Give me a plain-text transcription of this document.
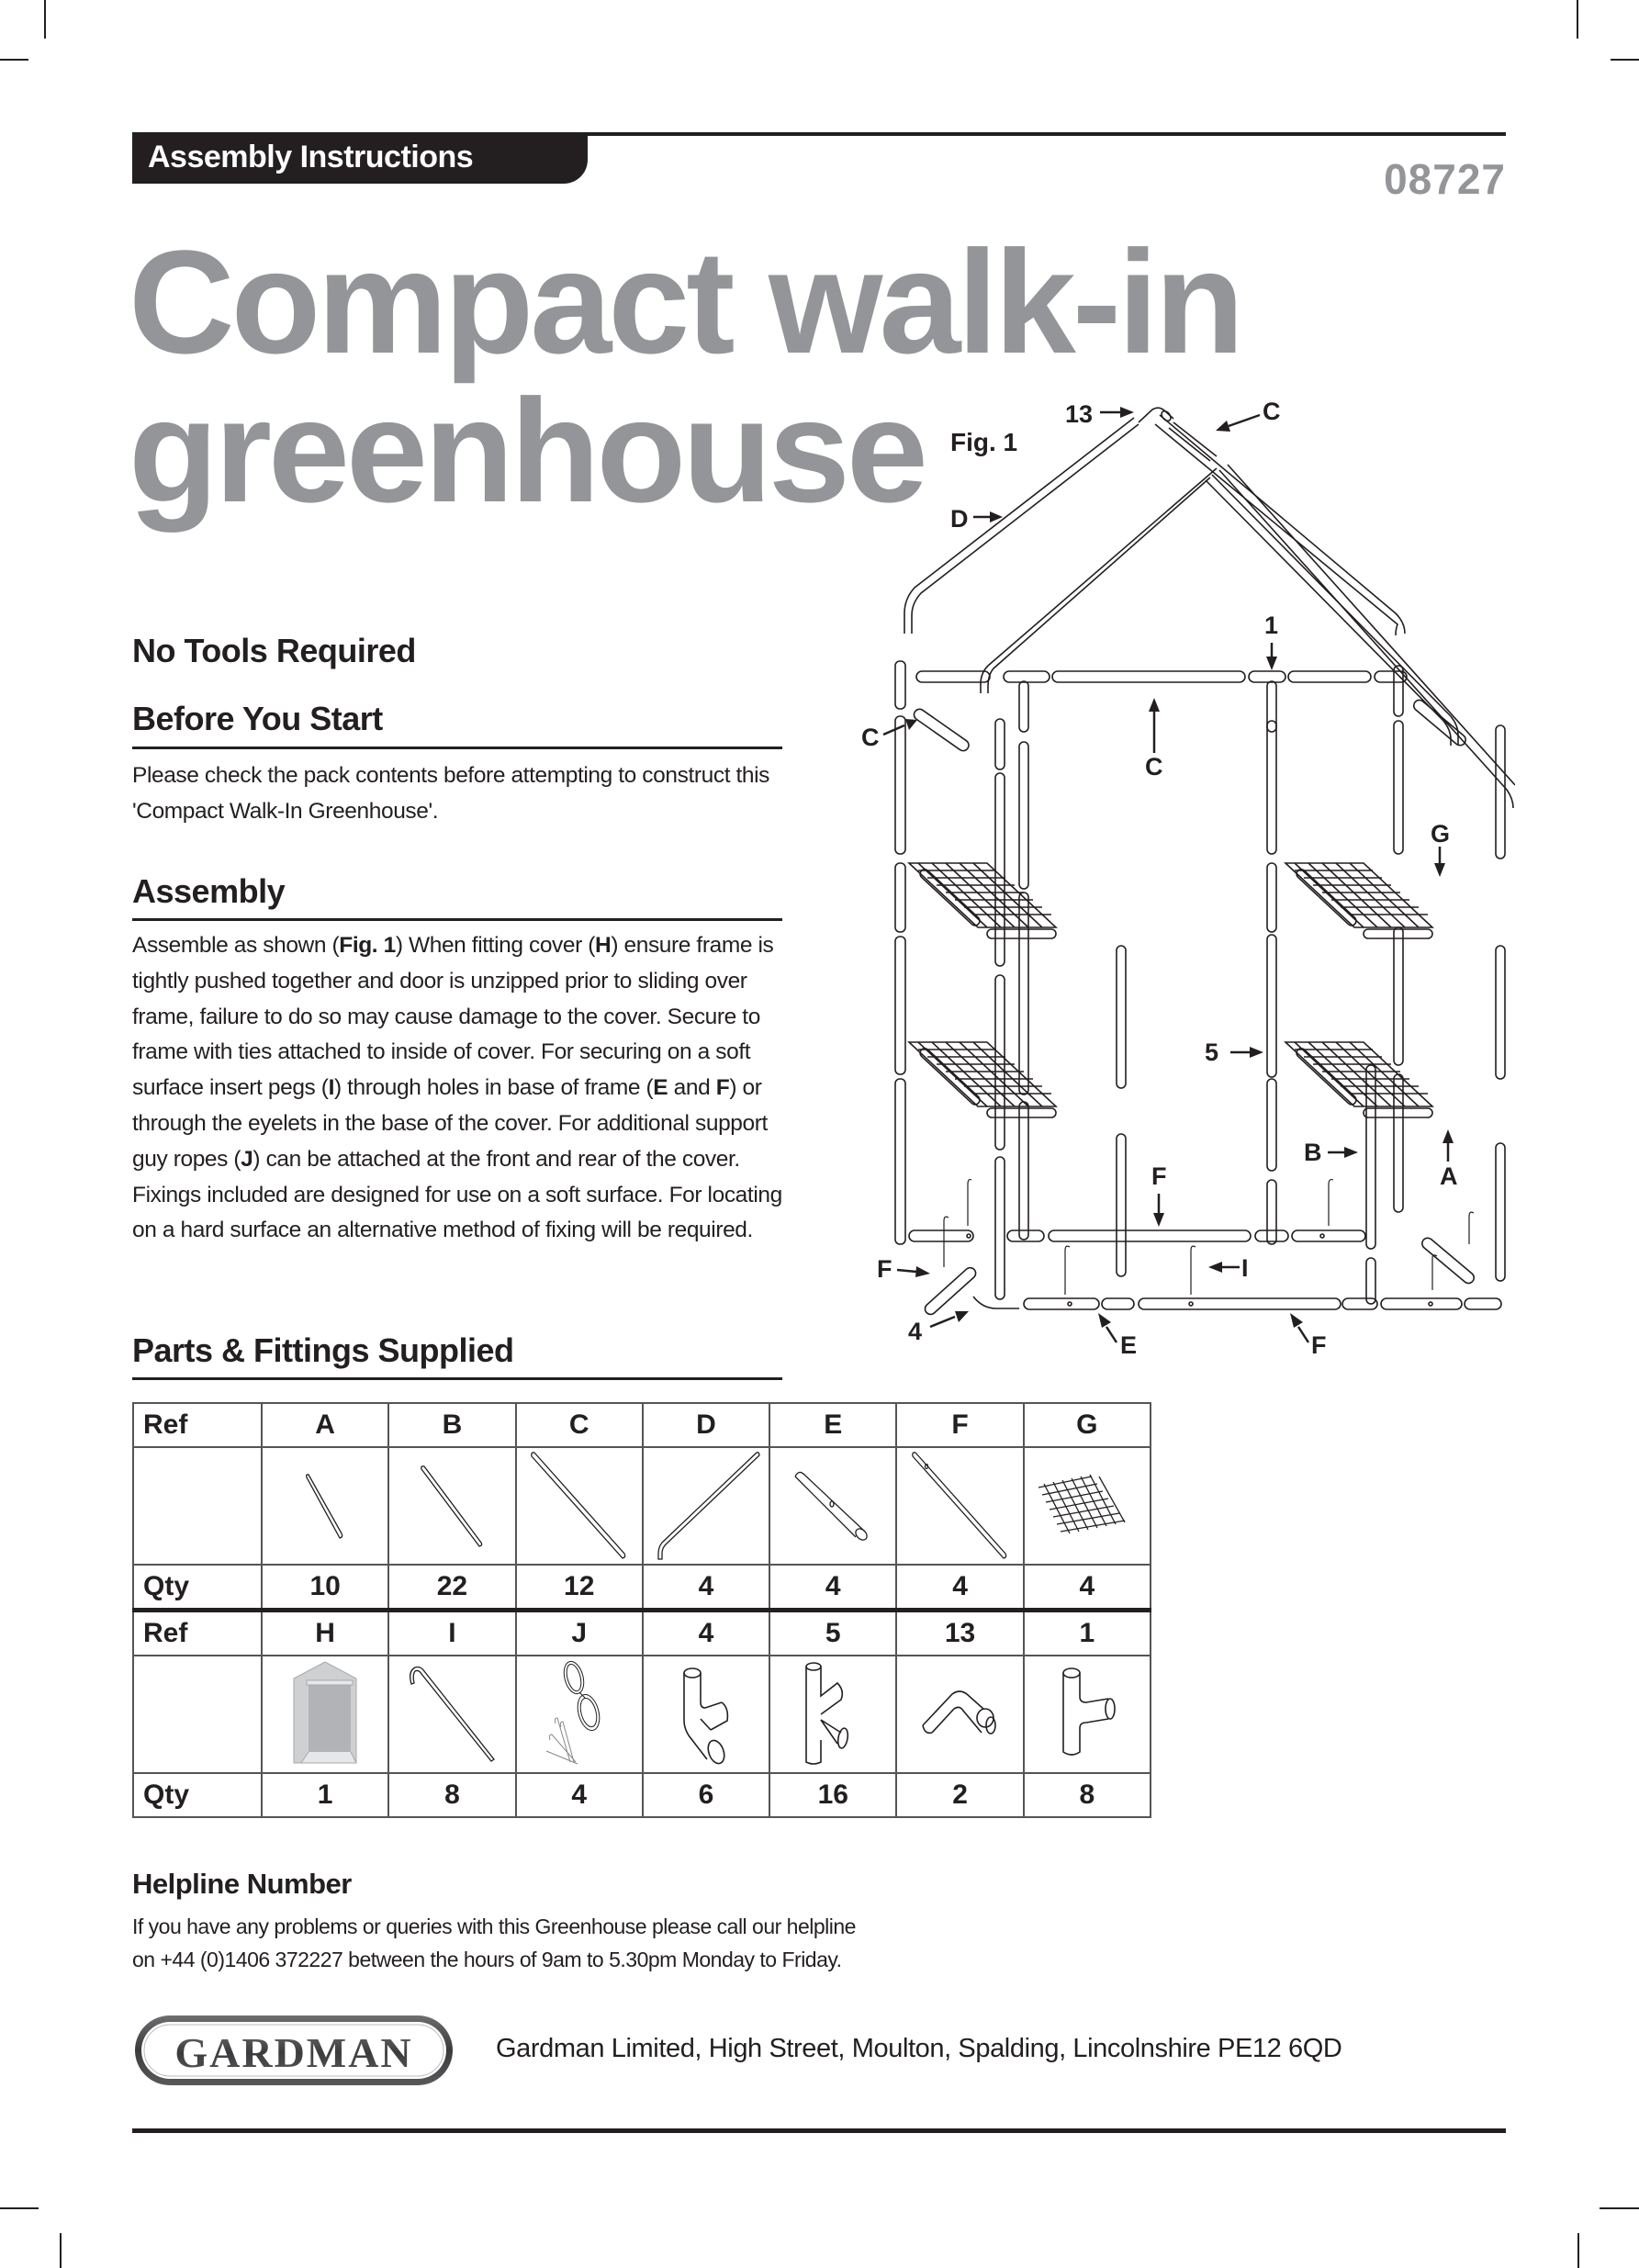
Assembly Instructions	08727
Compact walk-in
greenhouse
No Tools Required
Before You Start
Please check the pack contents before attempting to construct this 'Compact Walk-In Greenhouse'.
Assembly
Assemble as shown (Fig. 1) When fitting cover (H) ensure frame is tightly pushed together and door is unzipped prior to sliding over frame, failure to do so may cause damage to the cover. Secure to frame with ties attached to inside of cover. For securing on a soft surface insert pegs (I) through holes in base of frame (E and F) or through the eyelets in the base of the cover. For additional support guy ropes (J) can be attached at the front and rear of the cover. Fixings included are designed for use on a soft surface. For locating on a hard surface an alternative method of fixing will be required.
Parts & Fittings Supplied
Ref	A	B	C	D	E	F	G

Qty	10	22	12	4	4	4	4
Ref	H	I	J	4	5	13	1

Qty	1	8	4	6	16	2	8
Helpline Number
If you have any problems or queries with this Greenhouse please call our helpline
on +44 (0)1406 372227 between the hours of 9am to 5.30pm Monday to Friday.
GARDMAN	Gardman Limited, High Street, Moulton, Spalding, Lincolnshire PE12 6QD
Fig. 1
13	C
D
1
C
C
G
5
B
A
F
F	I
4	E	F
